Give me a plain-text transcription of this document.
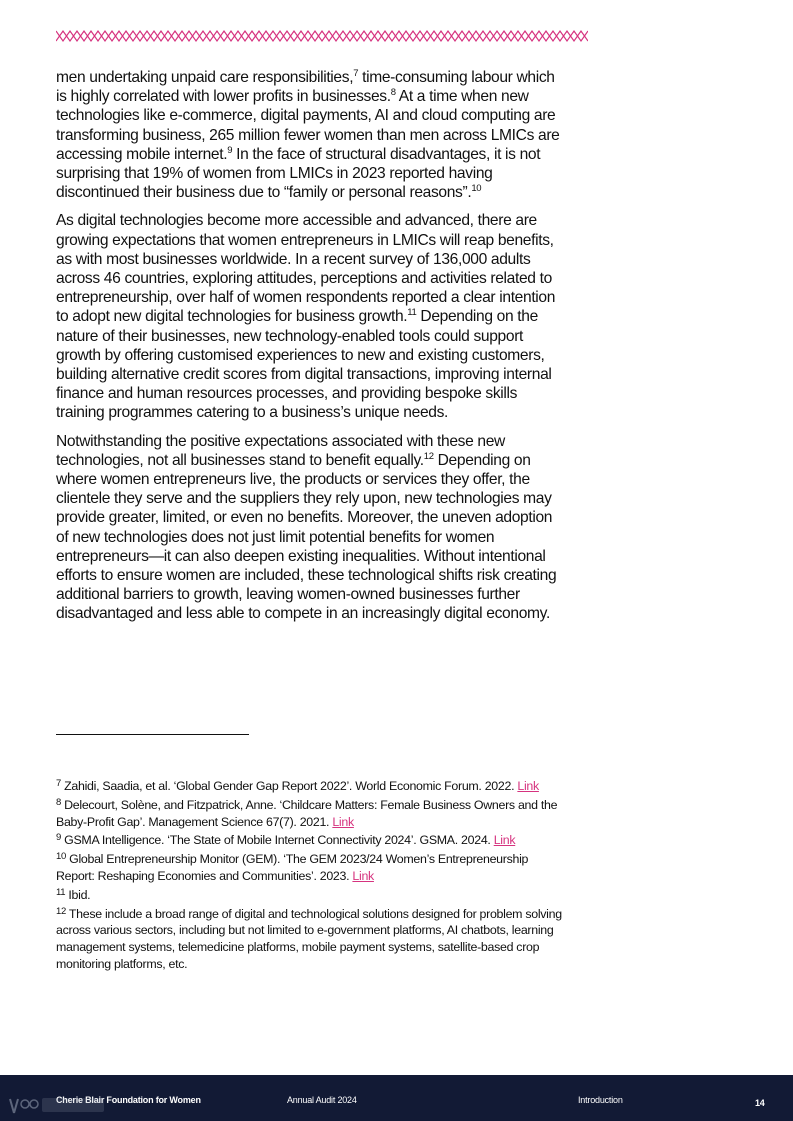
men undertaking unpaid care responsibilities,$^7$ time-consuming labour which is highly correlated with lower profits in businesses.$^8$ At a time when new technologies like e-commerce, digital payments, AI and cloud computing are transforming business, 265 million fewer women than men across LMICs are accessing mobile internet.$^9$ In the face of structural disadvantages, it is not surprising that 19% of women from LMICs in 2023 reported having discontinued their business due to “family or personal reasons”.$^{10}$

As digital technologies become more accessible and advanced, there are growing expectations that women entrepreneurs in LMICs will reap benefits, as with most businesses worldwide. In a recent survey of 136,000 adults across 46 countries, exploring attitudes, perceptions and activities related to entrepreneurship, over half of women respondents reported a clear intention to adopt new digital technologies for business growth.$^{11}$ Depending on the nature of their businesses, new technology-enabled tools could support growth by offering customised experiences to new and existing customers, building alternative credit scores from digital transactions, improving internal finance and human resources processes, and providing bespoke skills training programmes catering to a business’s unique needs.

Notwithstanding the positive expectations associated with these new technologies, not all businesses stand to benefit equally.$^{12}$ Depending on where women entrepreneurs live, the products or services they offer, the clientele they serve and the suppliers they rely upon, new technologies may provide greater, limited, or even no benefits. Moreover, the uneven adoption of new technologies does not just limit potential benefits for women entrepreneurs—it can also deepen existing inequalities. Without intentional efforts to ensure women are included, these technological shifts risk creating additional barriers to growth, leaving women-owned businesses further disadvantaged and less able to compete in an increasingly digital economy.

$^7$ Zahidi, Saadia, et al. ‘Global Gender Gap Report 2022’. World Economic Forum. 2022. Link
$^8$ Delecourt, Solène, and Fitzpatrick, Anne. ‘Childcare Matters: Female Business Owners and the Baby-Profit Gap’. Management Science 67(7). 2021. Link
$^9$ GSMA Intelligence. ‘The State of Mobile Internet Connectivity 2024’. GSMA. 2024. Link
$^{10}$ Global Entrepreneurship Monitor (GEM). ‘The GEM 2023/24 Women’s Entrepreneurship Report: Reshaping Economies and Communities’. 2023. Link
$^{11}$ Ibid.
$^{12}$ These include a broad range of digital and technological solutions designed for problem solving across various sectors, including but not limited to e-government platforms, AI chatbots, learning management systems, telemedicine platforms, mobile payment systems, satellite-based crop monitoring platforms, etc.
Cherie Blair Foundation for Women	Annual Audit 2024	Introduction	14
